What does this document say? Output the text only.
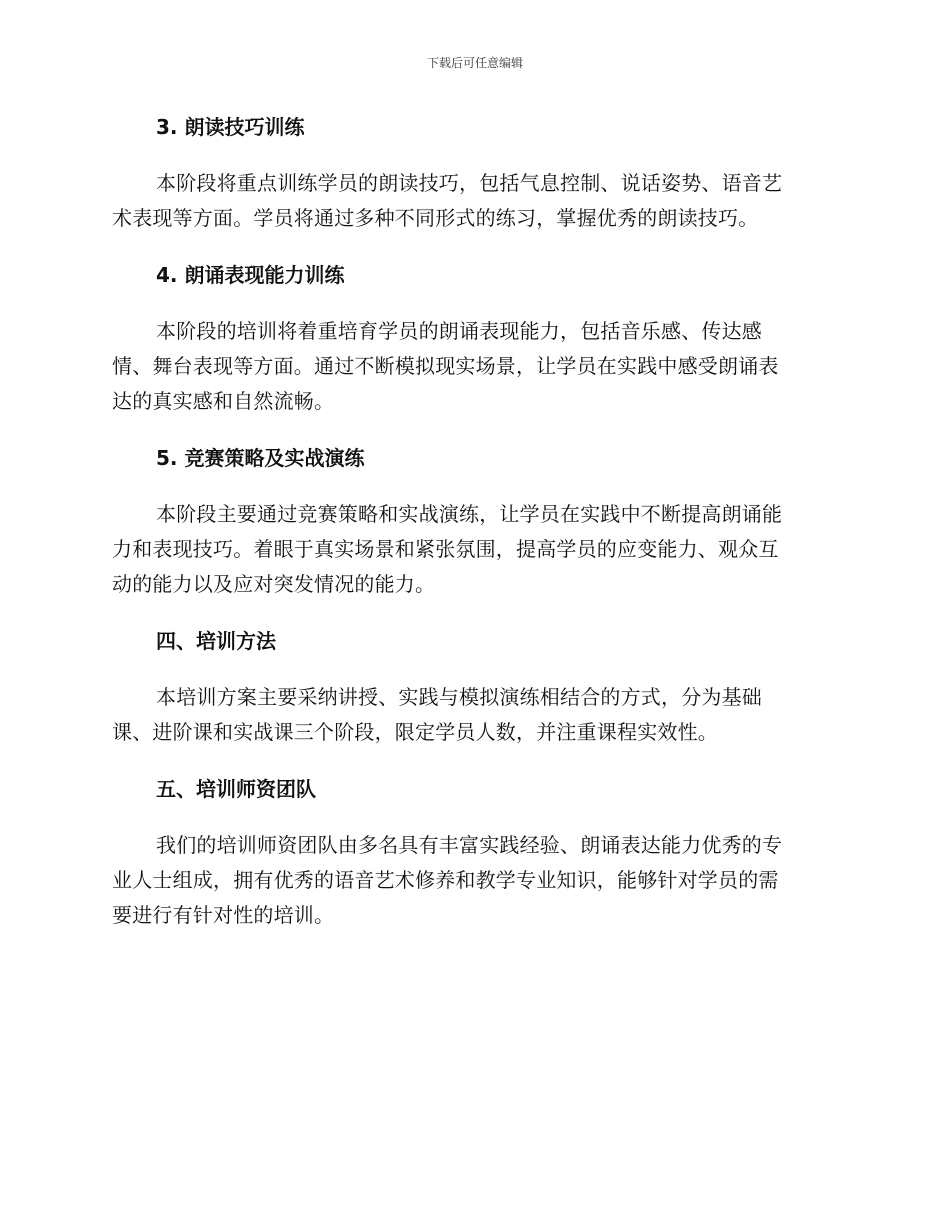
下载后可任意编辑
3. 朗读技巧训练
本阶段将重点训练学员的朗读技巧，包括气息控制、说话姿势、语音艺
术表现等方面。学员将通过多种不同形式的练习，掌握优秀的朗读技巧。
4. 朗诵表现能力训练
本阶段的培训将着重培育学员的朗诵表现能力，包括音乐感、传达感
情、舞台表现等方面。通过不断模拟现实场景，让学员在实践中感受朗诵表
达的真实感和自然流畅。
5. 竞赛策略及实战演练
本阶段主要通过竞赛策略和实战演练，让学员在实践中不断提高朗诵能
力和表现技巧。着眼于真实场景和紧张氛围，提高学员的应变能力、观众互
动的能力以及应对突发情况的能力。
四、培训方法
本培训方案主要采纳讲授、实践与模拟演练相结合的方式，分为基础
课、进阶课和实战课三个阶段，限定学员人数，并注重课程实效性。
五、培训师资团队
我们的培训师资团队由多名具有丰富实践经验、朗诵表达能力优秀的专
业人士组成，拥有优秀的语音艺术修养和教学专业知识，能够针对学员的需
要进行有针对性的培训。
